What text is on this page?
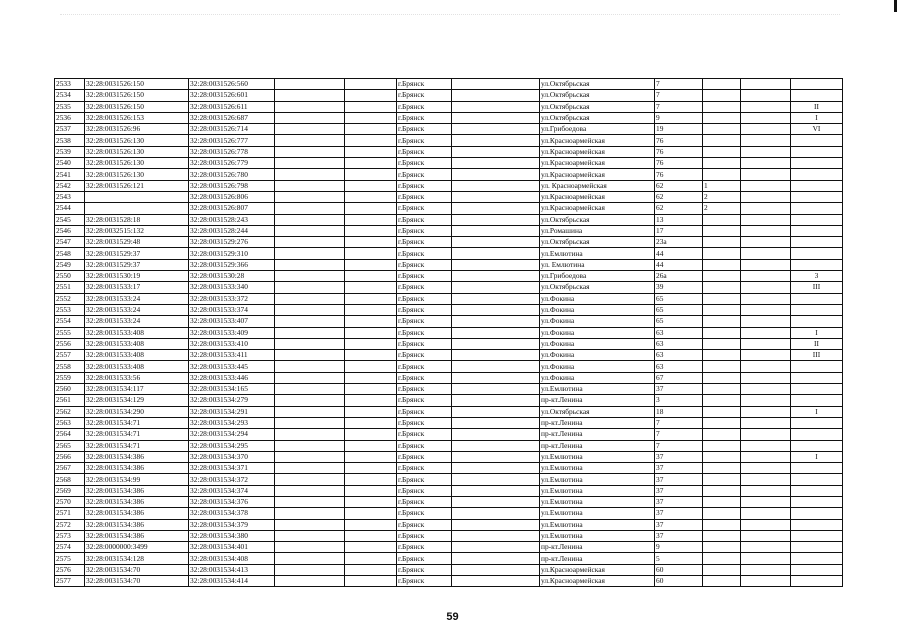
2533	32:28:0031526:150	32:28:0031526:560			г.Брянск		ул.Октябрьская	7			
2534	32:28:0031526:150	32:28:0031526:601			г.Брянск		ул.Октябрьская	7			
2535	32:28:0031526:150	32:28:0031526:611			г.Брянск		ул.Октябрьская	7			II
2536	32:28:0031526:153	32:28:0031526:687			г.Брянск		ул.Октябрьская	9			I
2537	32:28:0031526:96	32:28:0031526:714			г.Брянск		ул.Грибоедова	19			VI
2538	32:28:0031526:130	32:28:0031526:777			г.Брянск		ул.Красноармейская	76			
2539	32:28:0031526:130	32:28:0031526:778			г.Брянск		ул.Красноармейская	76			
2540	32:28:0031526:130	32:28:0031526:779			г.Брянск		ул.Красноармейская	76			
2541	32:28:0031526:130	32:28:0031526:780			г.Брянск		ул.Красноармейская	76			
2542	32:28:0031526:121	32:28:0031526:798			г.Брянск		ул. Красноармейская	62	1		
2543		32:28:0031526:806			г.Брянск		ул.Красноармейская	62	2		
2544		32:28:0031526:807			г.Брянск		ул.Красноармейская	62	2		
2545	32:28:0031528:18	32:28:0031528:243			г.Брянск		ул.Октябрьская	13			
2546	32:28:0032515:132	32:28:0031528:244			г.Брянск		ул.Ромашина	17			
2547	32:28:0031529:48	32:28:0031529:276			г.Брянск		ул.Октябрьская	23а			
2548	32:28:0031529:37	32:28:0031529:310			г.Брянск		ул.Емлютина	44			
2549	32:28:0031529:37	32:28:0031529:366			г.Брянск		ул. Емлютина	44			
2550	32:28:0031530:19	32:28:0031530:28			г.Брянск		ул.Грибоедова	26а			3
2551	32:28:0031533:17	32:28:0031533:340			г.Брянск		ул.Октябрьская	39			III
2552	32:28:0031533:24	32:28:0031533:372			г.Брянск		ул.Фокина	65			
2553	32:28:0031533:24	32:28:0031533:374			г.Брянск		ул.Фокина	65			
2554	32:28:0031533:24	32:28:0031533:407			г.Брянск		ул.Фокина	65			
2555	32:28:0031533:408	32:28:0031533:409			г.Брянск		ул.Фокина	63			I
2556	32:28:0031533:408	32:28:0031533:410			г.Брянск		ул.Фокина	63			II
2557	32:28:0031533:408	32:28:0031533:411			г.Брянск		ул.Фокина	63			III
2558	32:28:0031533:408	32:28:0031533:445			г.Брянск		ул.Фокина	63			
2559	32:28:0031533:56	32:28:0031533:446			г.Брянск		ул.Фокина	67			
2560	32:28:0031534:117	32:28:0031534:165			г.Брянск		ул.Емлютина	37			
2561	32:28:0031534:129	32:28:0031534:279			г.Брянск		пр-кт.Ленина	3			
2562	32:28:0031534:290	32:28:0031534:291			г.Брянск		ул.Октябрьская	18			I
2563	32:28:0031534:71	32:28:0031534:293			г.Брянск		пр-кт.Ленина	7			
2564	32:28:0031534:71	32:28:0031534:294			г.Брянск		пр-кт.Ленина	7			
2565	32:28:0031534:71	32:28:0031534:295			г.Брянск		пр-кт.Ленина	7			
2566	32:28:0031534:386	32:28:0031534:370			г.Брянск		ул.Емлютина	37			I
2567	32:28:0031534:386	32:28:0031534:371			г.Брянск		ул.Емлютина	37			
2568	32:28:0031534:99	32:28:0031534:372			г.Брянск		ул.Емлютина	37			
2569	32:28:0031534:386	32:28:0031534:374			г.Брянск		ул.Емлютина	37			
2570	32:28:0031534:386	32:28:0031534:376			г.Брянск		ул.Емлютина	37			
2571	32:28:0031534:386	32:28:0031534:378			г.Брянск		ул.Емлютина	37			
2572	32:28:0031534:386	32:28:0031534:379			г.Брянск		ул.Емлютина	37			
2573	32:28:0031534:386	32:28:0031534:380			г.Брянск		ул.Емлютина	37			
2574	32:28:0000000:3499	32:28:0031534:401			г.Брянск		пр-кт.Ленина	9			
2575	32:28:0031534:128	32:28:0031534:408			г.Брянск		пр-кт.Ленина	5			
2576	32:28:0031534:70	32:28:0031534:413			г.Брянск		ул.Красноармейская	60			
2577	32:28:0031534:70	32:28:0031534:414			г.Брянск		ул.Красноармейская	60			
59
